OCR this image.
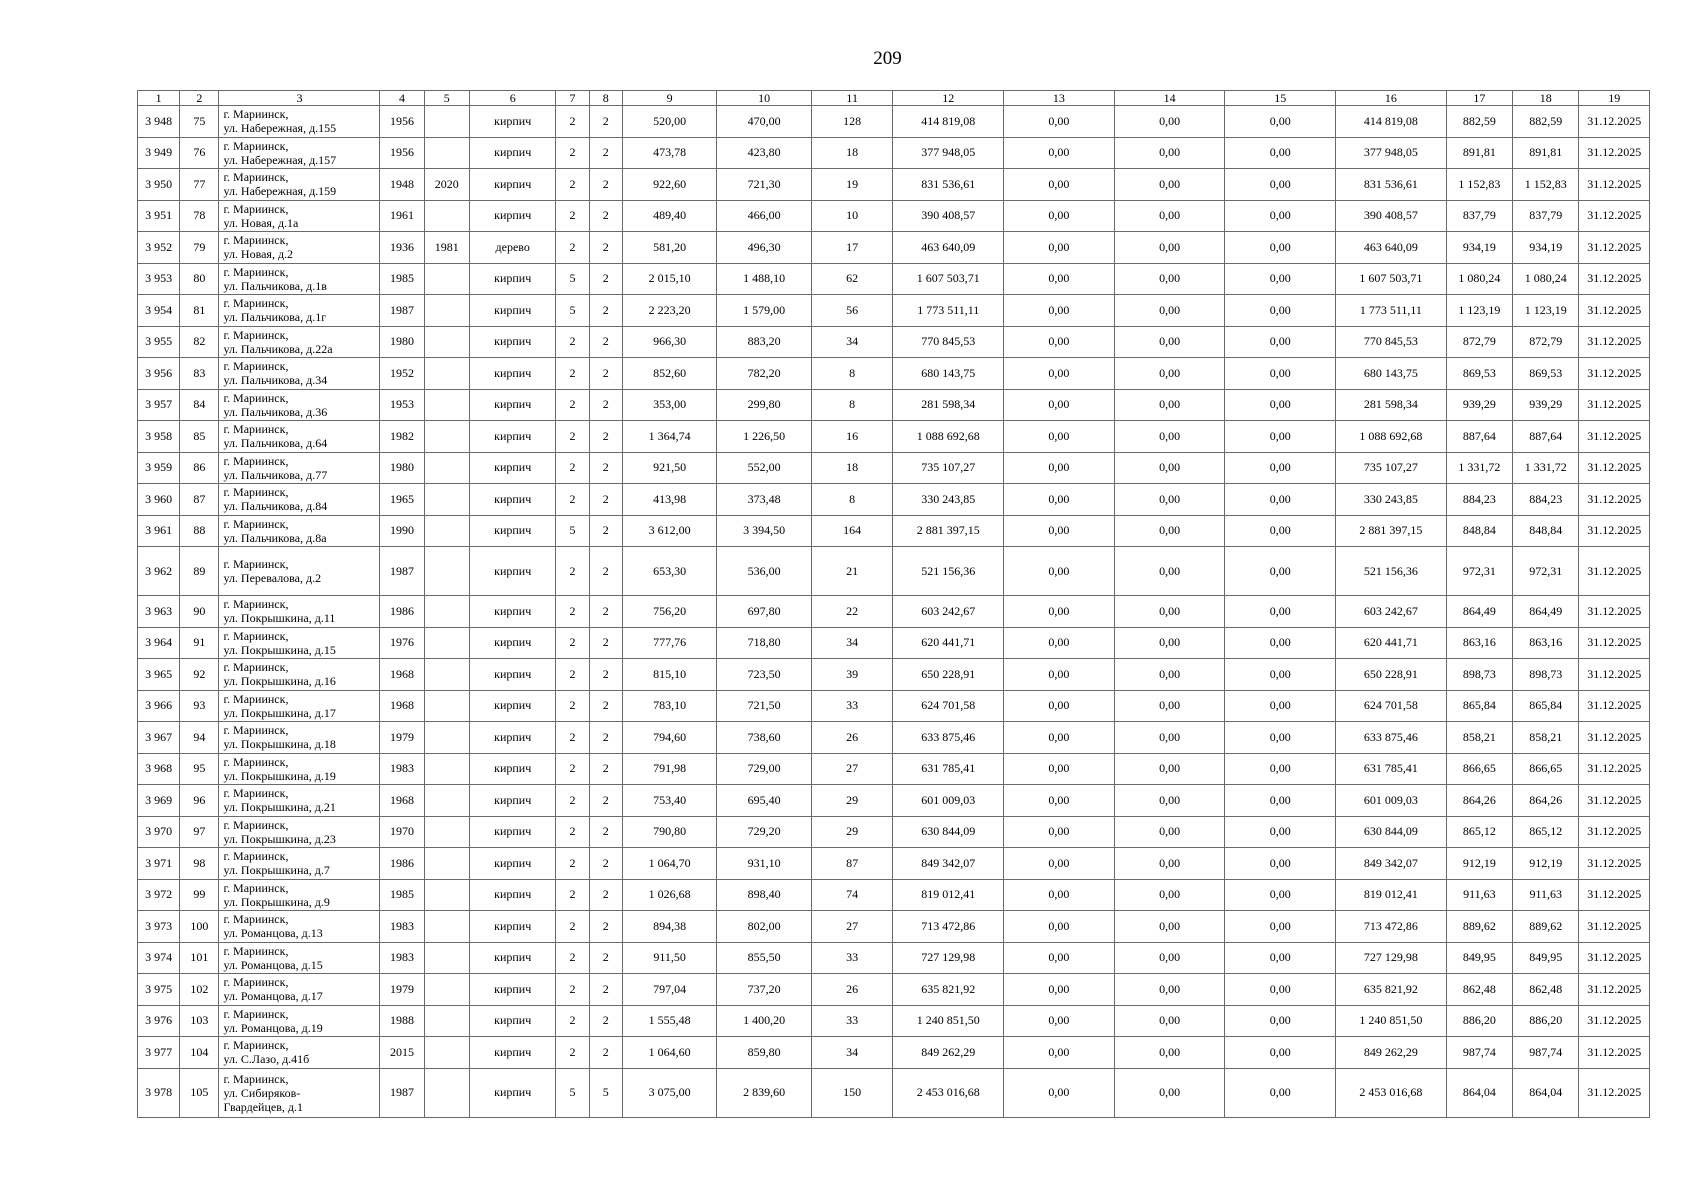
209
1	2	3	4	5	6	7	8	9	10	11	12	13	14	15	16	17	18	19
3 948	75	г. Мариинск,
ул. Набережная, д.155	1956		кирпич	2	2	520,00	470,00	128	414 819,08	0,00	0,00	0,00	414 819,08	882,59	882,59	31.12.2025
3 949	76	г. Мариинск,
ул. Набережная, д.157	1956		кирпич	2	2	473,78	423,80	18	377 948,05	0,00	0,00	0,00	377 948,05	891,81	891,81	31.12.2025
3 950	77	г. Мариинск,
ул. Набережная, д.159	1948	2020	кирпич	2	2	922,60	721,30	19	831 536,61	0,00	0,00	0,00	831 536,61	1 152,83	1 152,83	31.12.2025
3 951	78	г. Мариинск,
ул. Новая, д.1а	1961		кирпич	2	2	489,40	466,00	10	390 408,57	0,00	0,00	0,00	390 408,57	837,79	837,79	31.12.2025
3 952	79	г. Мариинск,
ул. Новая, д.2	1936	1981	дерево	2	2	581,20	496,30	17	463 640,09	0,00	0,00	0,00	463 640,09	934,19	934,19	31.12.2025
3 953	80	г. Мариинск,
ул. Пальчикова, д.1в	1985		кирпич	5	2	2 015,10	1 488,10	62	1 607 503,71	0,00	0,00	0,00	1 607 503,71	1 080,24	1 080,24	31.12.2025
3 954	81	г. Мариинск,
ул. Пальчикова, д.1г	1987		кирпич	5	2	2 223,20	1 579,00	56	1 773 511,11	0,00	0,00	0,00	1 773 511,11	1 123,19	1 123,19	31.12.2025
3 955	82	г. Мариинск,
ул. Пальчикова, д.22а	1980		кирпич	2	2	966,30	883,20	34	770 845,53	0,00	0,00	0,00	770 845,53	872,79	872,79	31.12.2025
3 956	83	г. Мариинск,
ул. Пальчикова, д.34	1952		кирпич	2	2	852,60	782,20	8	680 143,75	0,00	0,00	0,00	680 143,75	869,53	869,53	31.12.2025
3 957	84	г. Мариинск,
ул. Пальчикова, д.36	1953		кирпич	2	2	353,00	299,80	8	281 598,34	0,00	0,00	0,00	281 598,34	939,29	939,29	31.12.2025
3 958	85	г. Мариинск,
ул. Пальчикова, д.64	1982		кирпич	2	2	1 364,74	1 226,50	16	1 088 692,68	0,00	0,00	0,00	1 088 692,68	887,64	887,64	31.12.2025
3 959	86	г. Мариинск,
ул. Пальчикова, д.77	1980		кирпич	2	2	921,50	552,00	18	735 107,27	0,00	0,00	0,00	735 107,27	1 331,72	1 331,72	31.12.2025
3 960	87	г. Мариинск,
ул. Пальчикова, д.84	1965		кирпич	2	2	413,98	373,48	8	330 243,85	0,00	0,00	0,00	330 243,85	884,23	884,23	31.12.2025
3 961	88	г. Мариинск,
ул. Пальчикова, д.8а	1990		кирпич	5	2	3 612,00	3 394,50	164	2 881 397,15	0,00	0,00	0,00	2 881 397,15	848,84	848,84	31.12.2025
3 962	89	г. Мариинск,
ул. Перевалова, д.2	1987		кирпич	2	2	653,30	536,00	21	521 156,36	0,00	0,00	0,00	521 156,36	972,31	972,31	31.12.2025
3 963	90	г. Мариинск,
ул. Покрышкина, д.11	1986		кирпич	2	2	756,20	697,80	22	603 242,67	0,00	0,00	0,00	603 242,67	864,49	864,49	31.12.2025
3 964	91	г. Мариинск,
ул. Покрышкина, д.15	1976		кирпич	2	2	777,76	718,80	34	620 441,71	0,00	0,00	0,00	620 441,71	863,16	863,16	31.12.2025
3 965	92	г. Мариинск,
ул. Покрышкина, д.16	1968		кирпич	2	2	815,10	723,50	39	650 228,91	0,00	0,00	0,00	650 228,91	898,73	898,73	31.12.2025
3 966	93	г. Мариинск,
ул. Покрышкина, д.17	1968		кирпич	2	2	783,10	721,50	33	624 701,58	0,00	0,00	0,00	624 701,58	865,84	865,84	31.12.2025
3 967	94	г. Мариинск,
ул. Покрышкина, д.18	1979		кирпич	2	2	794,60	738,60	26	633 875,46	0,00	0,00	0,00	633 875,46	858,21	858,21	31.12.2025
3 968	95	г. Мариинск,
ул. Покрышкина, д.19	1983		кирпич	2	2	791,98	729,00	27	631 785,41	0,00	0,00	0,00	631 785,41	866,65	866,65	31.12.2025
3 969	96	г. Мариинск,
ул. Покрышкина, д.21	1968		кирпич	2	2	753,40	695,40	29	601 009,03	0,00	0,00	0,00	601 009,03	864,26	864,26	31.12.2025
3 970	97	г. Мариинск,
ул. Покрышкина, д.23	1970		кирпич	2	2	790,80	729,20	29	630 844,09	0,00	0,00	0,00	630 844,09	865,12	865,12	31.12.2025
3 971	98	г. Мариинск,
ул. Покрышкина, д.7	1986		кирпич	2	2	1 064,70	931,10	87	849 342,07	0,00	0,00	0,00	849 342,07	912,19	912,19	31.12.2025
3 972	99	г. Мариинск,
ул. Покрышкина, д.9	1985		кирпич	2	2	1 026,68	898,40	74	819 012,41	0,00	0,00	0,00	819 012,41	911,63	911,63	31.12.2025
3 973	100	г. Мариинск,
ул. Романцова, д.13	1983		кирпич	2	2	894,38	802,00	27	713 472,86	0,00	0,00	0,00	713 472,86	889,62	889,62	31.12.2025
3 974	101	г. Мариинск,
ул. Романцова, д.15	1983		кирпич	2	2	911,50	855,50	33	727 129,98	0,00	0,00	0,00	727 129,98	849,95	849,95	31.12.2025
3 975	102	г. Мариинск,
ул. Романцова, д.17	1979		кирпич	2	2	797,04	737,20	26	635 821,92	0,00	0,00	0,00	635 821,92	862,48	862,48	31.12.2025
3 976	103	г. Мариинск,
ул. Романцова, д.19	1988		кирпич	2	2	1 555,48	1 400,20	33	1 240 851,50	0,00	0,00	0,00	1 240 851,50	886,20	886,20	31.12.2025
3 977	104	г. Мариинск,
ул. С.Лазо, д.41б	2015		кирпич	2	2	1 064,60	859,80	34	849 262,29	0,00	0,00	0,00	849 262,29	987,74	987,74	31.12.2025
3 978	105	г. Мариинск,
ул. Сибиряков-
Гвардейцев, д.1	1987		кирпич	5	5	3 075,00	2 839,60	150	2 453 016,68	0,00	0,00	0,00	2 453 016,68	864,04	864,04	31.12.2025
